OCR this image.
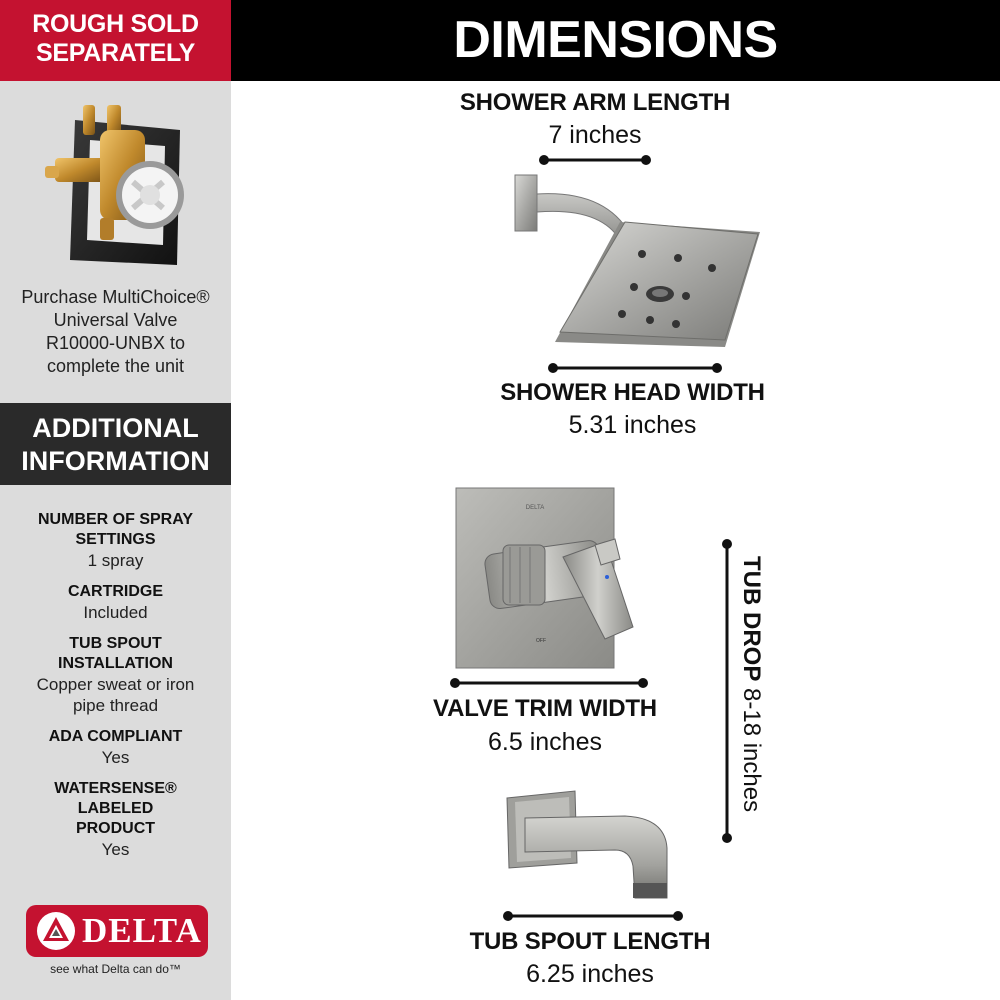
ROUGH SOLD
SEPARATELY
Purchase MultiChoice®
Universal Valve
R10000-UNBX to
complete the unit
ADDITIONAL
INFORMATION
NUMBER OF SPRAY SETTINGS
1 spray
CARTRIDGE
Included
TUB SPOUT INSTALLATION
Copper sweat or iron pipe thread
ADA COMPLIANT
Yes
WATERSENSE® LABELED PRODUCT
Yes
DELTA
see what Delta can do™
DIMENSIONS
SHOWER ARM LENGTH
7 inches
SHOWER HEAD WIDTH
5.31 inches
DELTA
OFF
VALVE TRIM WIDTH
6.5 inches
TUB DROP 8-18 inches
TUB SPOUT LENGTH
6.25 inches
